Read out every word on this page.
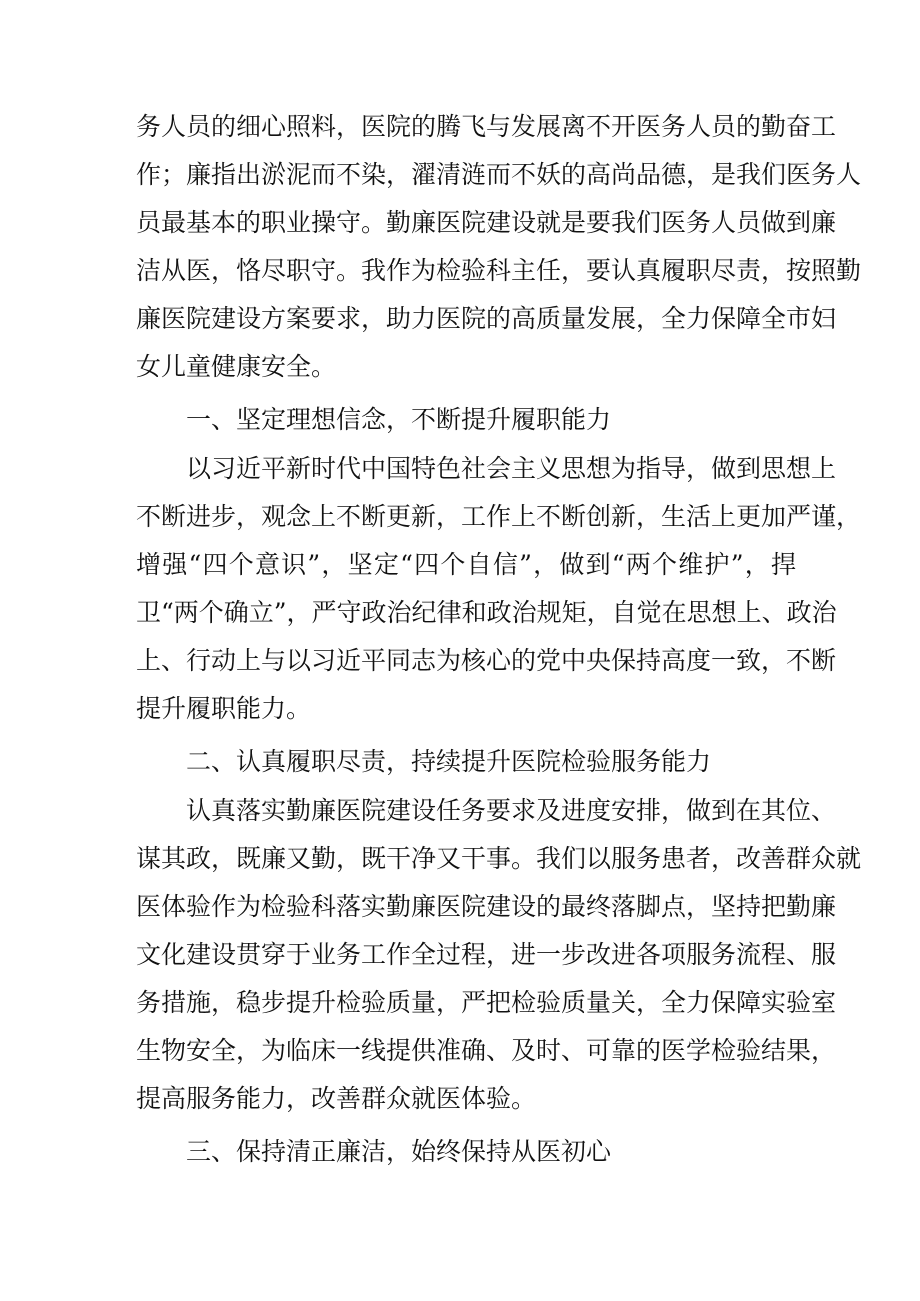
务人员的细心照料，医院的腾飞与发展离不开医务人员的勤奋工
作；廉指出淤泥而不染，濯清涟而不妖的高尚品德，是我们医务人
员最基本的职业操守。勤廉医院建设就是要我们医务人员做到廉
洁从医，恪尽职守。我作为检验科主任，要认真履职尽责，按照勤
廉医院建设方案要求，助力医院的高质量发展，全力保障全市妇
女儿童健康安全。
一、坚定理想信念，不断提升履职能力
以习近平新时代中国特色社会主义思想为指导，做到思想上
不断进步，观念上不断更新，工作上不断创新，生活上更加严谨，
增强“四个意识”，坚定“四个自信”，做到“两个维护”，捍
卫“两个确立”，严守政治纪律和政治规矩，自觉在思想上、政治
上、行动上与以习近平同志为核心的党中央保持高度一致，不断
提升履职能力。
二、认真履职尽责，持续提升医院检验服务能力
认真落实勤廉医院建设任务要求及进度安排，做到在其位、
谋其政，既廉又勤，既干净又干事。我们以服务患者，改善群众就
医体验作为检验科落实勤廉医院建设的最终落脚点，坚持把勤廉
文化建设贯穿于业务工作全过程，进一步改进各项服务流程、服
务措施，稳步提升检验质量，严把检验质量关，全力保障实验室
生物安全，为临床一线提供准确、及时、可靠的医学检验结果，
提高服务能力，改善群众就医体验。
三、保持清正廉洁，始终保持从医初心
